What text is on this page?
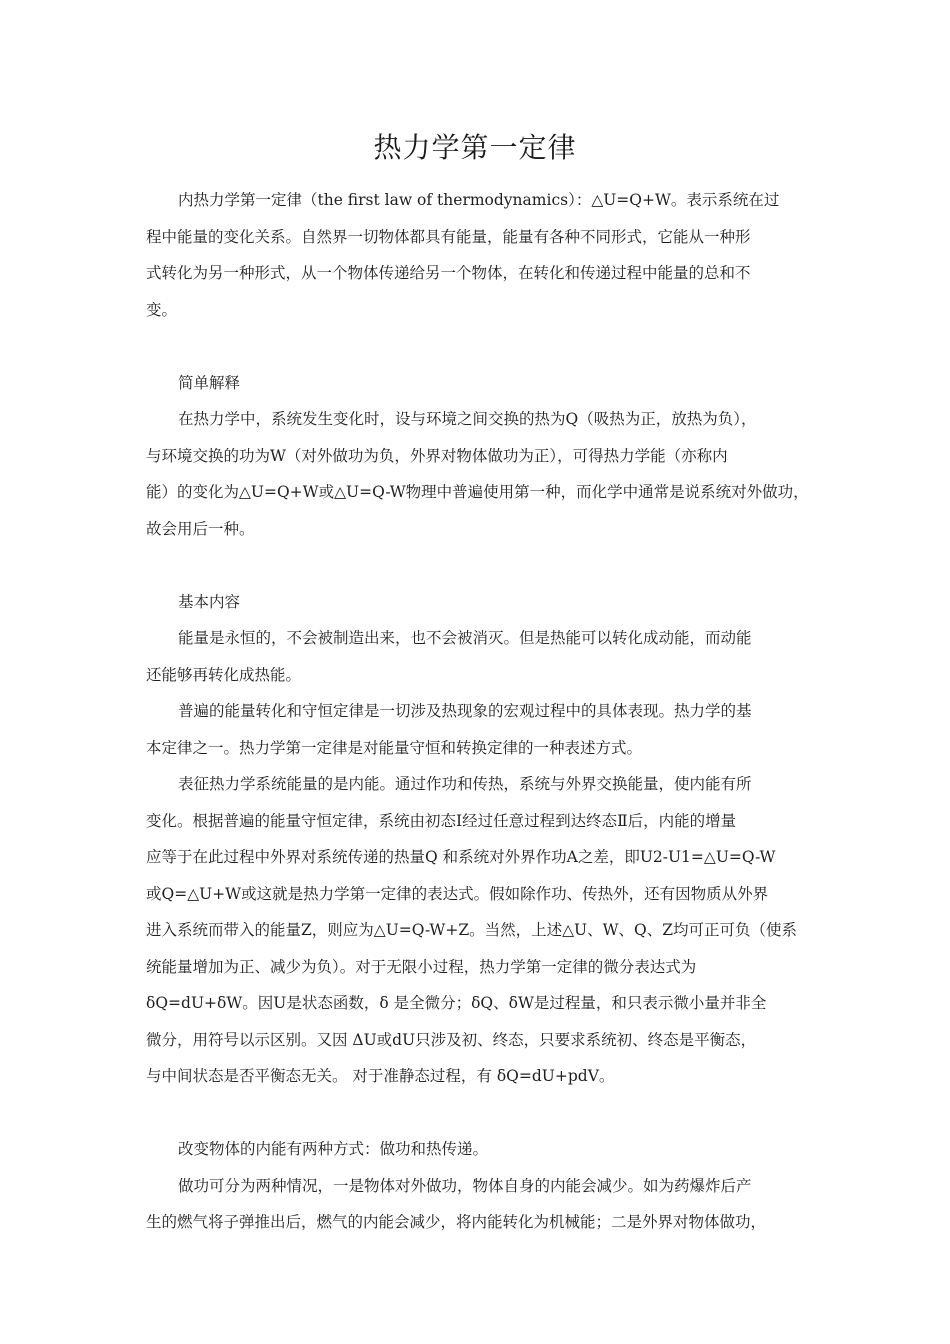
热力学第一定律
内热力学第一定律（the first law of thermodynamics）：△U=Q+W。表示系统在过
程中能量的变化关系。自然界一切物体都具有能量，能量有各种不同形式，它能从一种形
式转化为另一种形式，从一个物体传递给另一个物体，在转化和传递过程中能量的总和不
变。
简单解释
在热力学中，系统发生变化时，设与环境之间交换的热为Q（吸热为正，放热为负），
与环境交换的功为W（对外做功为负，外界对物体做功为正），可得热力学能（亦称内
能）的变化为△U=Q+W或△U=Q-W物理中普遍使用第一种，而化学中通常是说系统对外做功，
故会用后一种。
基本内容
能量是永恒的，不会被制造出来，也不会被消灭。但是热能可以转化成动能，而动能
还能够再转化成热能。
普遍的能量转化和守恒定律是一切涉及热现象的宏观过程中的具体表现。热力学的基
本定律之一。热力学第一定律是对能量守恒和转换定律的一种表述方式。
表征热力学系统能量的是内能。通过作功和传热，系统与外界交换能量，使内能有所
变化。根据普遍的能量守恒定律，系统由初态Ⅰ经过任意过程到达终态Ⅱ后，内能的增量
应等于在此过程中外界对系统传递的热量Q 和系统对外界作功A之差，即U2-U1=△U=Q-W
或Q=△U+W或这就是热力学第一定律的表达式。假如除作功、传热外，还有因物质从外界
进入系统而带入的能量Z，则应为△U=Q-W+Z。当然，上述△U、W、Q、Z均可正可负（使系
统能量增加为正、减少为负）。对于无限小过程，热力学第一定律的微分表达式为
δQ=dU+δW。因U是状态函数，δ 是全微分；δQ、δW是过程量，和只表示微小量并非全
微分，用符号以示区别。又因 ΔU或dU只涉及初、终态，只要求系统初、终态是平衡态，
与中间状态是否平衡态无关。 对于准静态过程，有 δQ=dU+pdV。
改变物体的内能有两种方式：做功和热传递。
做功可分为两种情况，一是物体对外做功，物体自身的内能会减少。如为药爆炸后产
生的燃气将子弹推出后，燃气的内能会减少，将内能转化为机械能；二是外界对物体做功，
